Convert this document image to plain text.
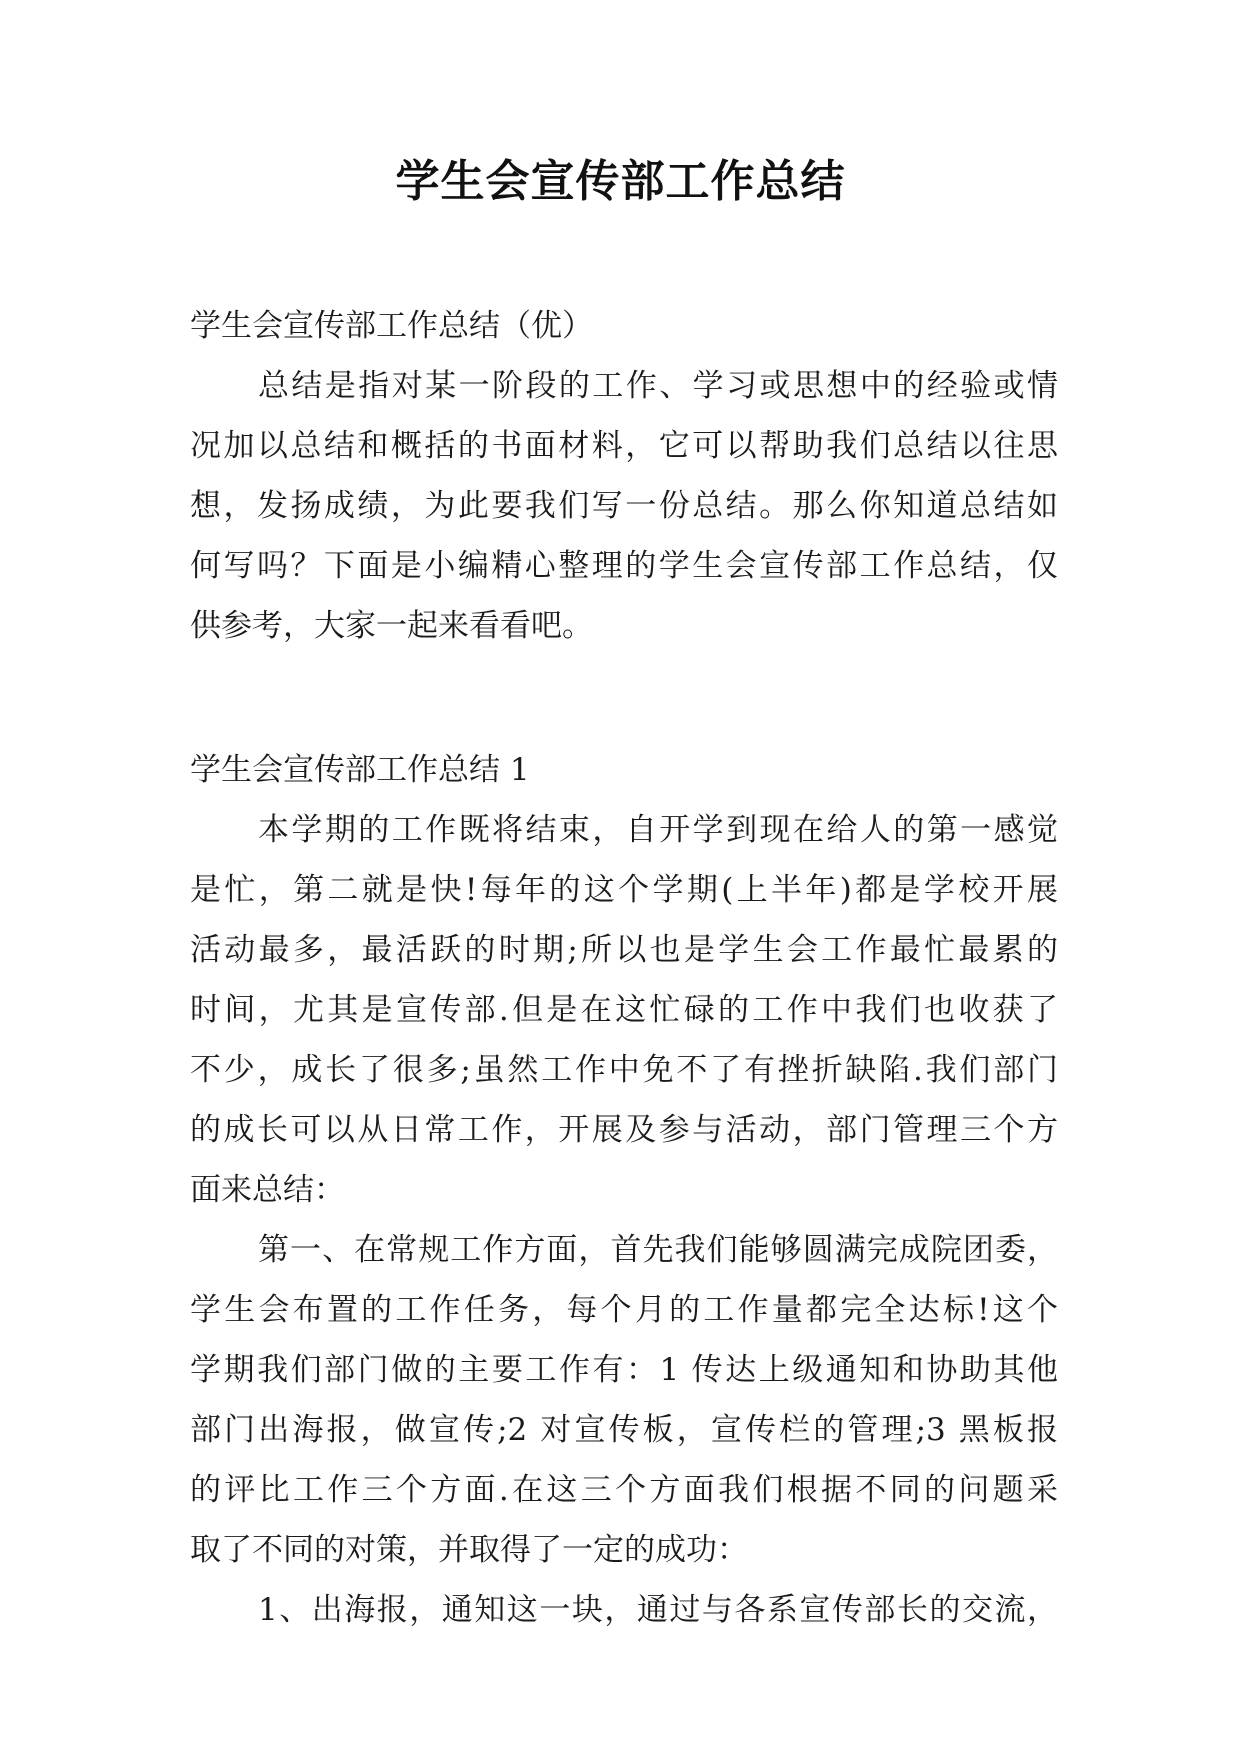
学生会宣传部工作总结

学生会宣传部工作总结（优）

总结是指对某一阶段的工作、学习或思想中的经验或情
况加以总结和概括的书面材料，它可以帮助我们总结以往思
想，发扬成绩，为此要我们写一份总结。那么你知道总结如
何写吗？下面是小编精心整理的学生会宣传部工作总结，仅
供参考，大家一起来看看吧。

学生会宣传部工作总结 1

本学期的工作既将结束，自开学到现在给人的第一感觉
是忙，第二就是快!每年的这个学期(上半年)都是学校开展
活动最多，最活跃的时期;所以也是学生会工作最忙最累的
时间，尤其是宣传部.但是在这忙碌的工作中我们也收获了
不少，成长了很多;虽然工作中免不了有挫折缺陷.我们部门
的成长可以从日常工作，开展及参与活动，部门管理三个方
面来总结：
第一、在常规工作方面，首先我们能够圆满完成院团委，
学生会布置的工作任务，每个月的工作量都完全达标!这个
学期我们部门做的主要工作有：1 传达上级通知和协助其他
部门出海报，做宣传;2 对宣传板，宣传栏的管理;3 黑板报
的评比工作三个方面.在这三个方面我们根据不同的问题采
取了不同的对策，并取得了一定的成功：
1、出海报，通知这一块，通过与各系宣传部长的交流，
